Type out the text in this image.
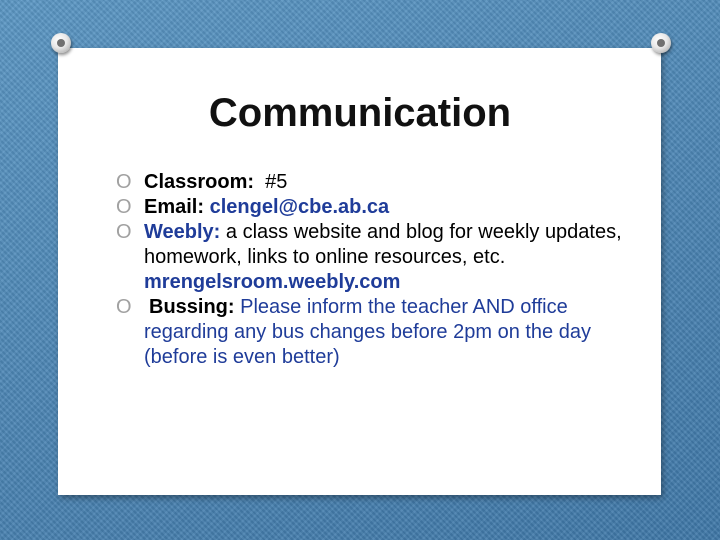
Communication
O Classroom:  #5
O Email: clengel@cbe.ab.ca
O Weebly: a class website and blog for weekly updates, homework, links to online resources, etc.
mrengelsroom.weebly.com
O Bussing: Please inform the teacher AND office regarding any bus changes before 2pm on the day (before is even better)
